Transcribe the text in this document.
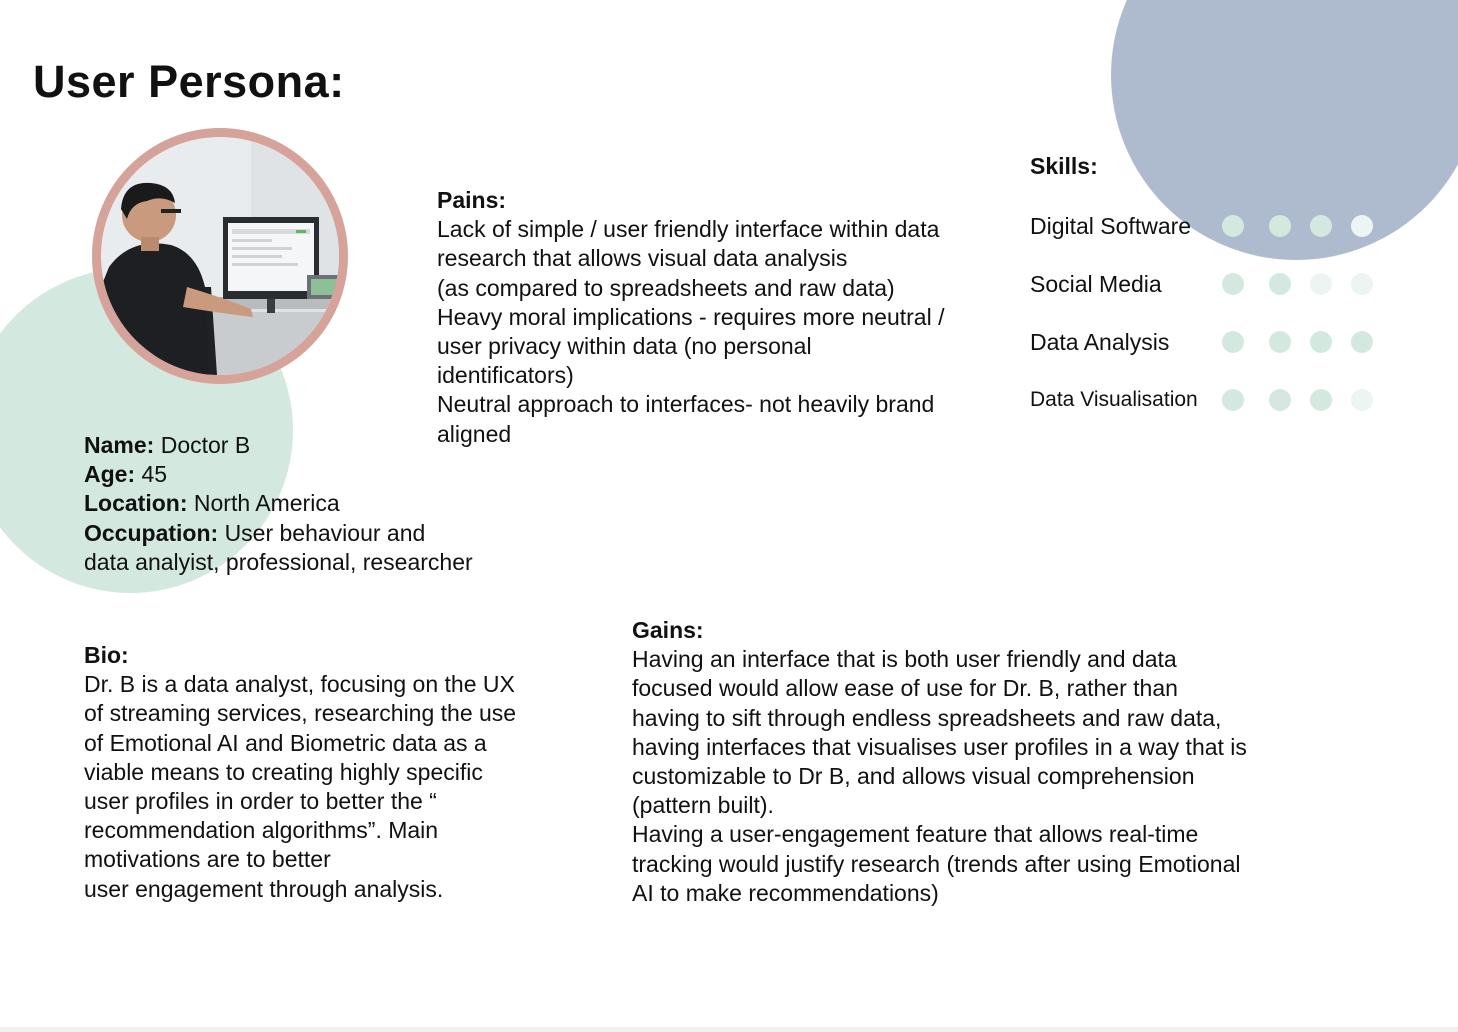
User Persona:

Pains:

Lack of simple / user friendly interface within data

research that allows visual data analysis

(as compared to spreadsheets and raw data)

Heavy moral implications - requires more neutral /

user privacy within data (no personal

identificators)

Neutral approach to interfaces- not heavily brand

aligned

Skills:
Digital Software
Social Media
Data Analysis
Data Visualisation

Name: Doctor B

Age: 45

Location: North America

Occupation: User behaviour and

data analyist, professional, researcher

Bio:

Dr. B is a data analyst, focusing on the UX

of streaming services, researching the use

of Emotional AI and Biometric data as a

viable means to creating highly specific

user profiles in order to better the “

recommendation algorithms”. Main

motivations are to better

user engagement through analysis.

Gains:

Having an interface that is both user friendly and data

focused would allow ease of use for Dr. B, rather than

having to sift through endless spreadsheets and raw data,

having interfaces that visualises user profiles in a way that is

customizable to Dr B, and allows visual comprehension

(pattern built).

Having a user-engagement feature that allows real-time

tracking would justify research (trends after using Emotional

AI to make recommendations)
